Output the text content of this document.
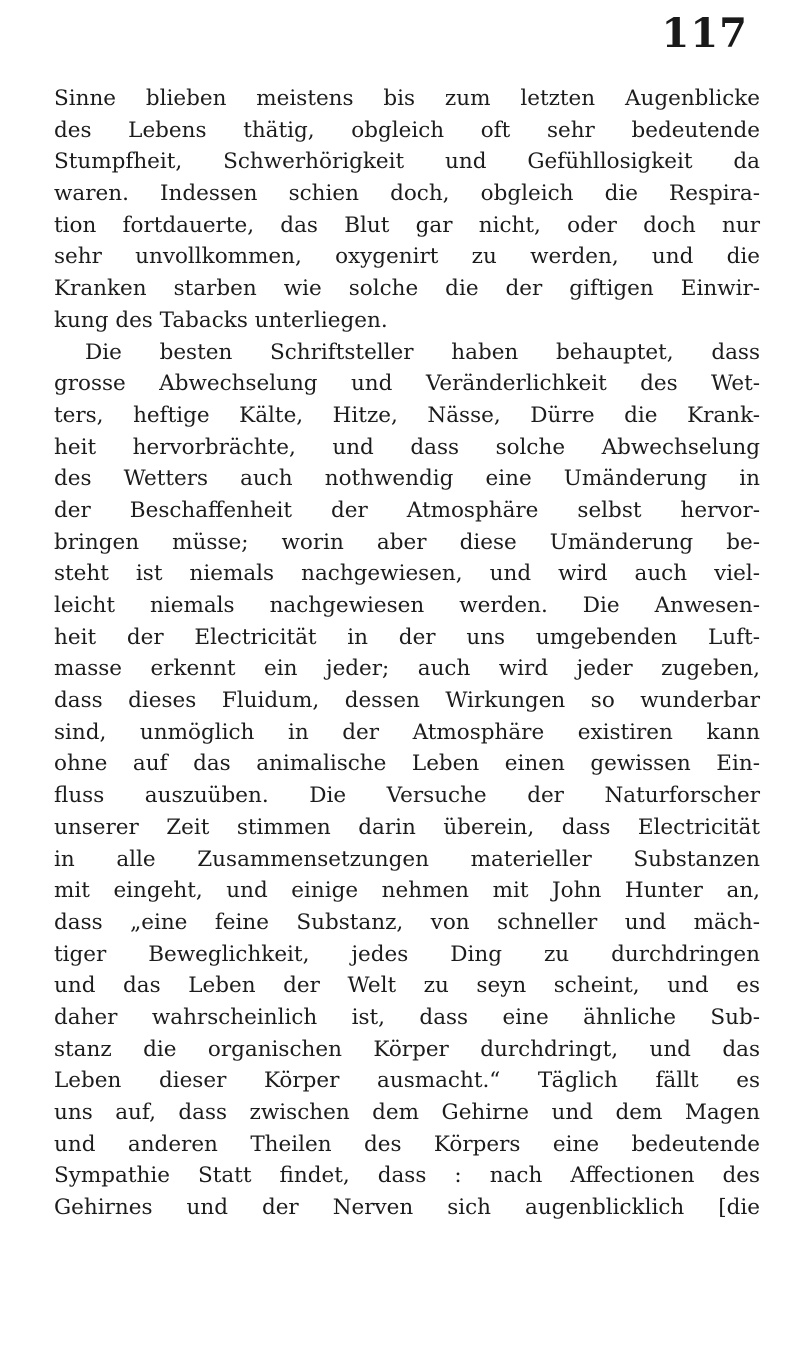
117
Sinne blieben meistens bis zum letzten Augenblicke
des Lebens thätig, obgleich oft sehr bedeutende
Stumpfheit, Schwerhörigkeit und Gefühllosigkeit da
waren. Indessen schien doch, obgleich die Respira-
tion fortdauerte, das Blut gar nicht, oder doch nur
sehr unvollkommen, oxygenirt zu werden, und die
Kranken starben wie solche die der giftigen Einwir-
kung des Tabacks unterliegen.
Die besten Schriftsteller haben behauptet, dass
grosse Abwechselung und Veränderlichkeit des Wet-
ters, heftige Kälte, Hitze, Nässe, Dürre die Krank-
heit hervorbrächte, und dass solche Abwechselung
des Wetters auch nothwendig eine Umänderung in
der Beschaffenheit der Atmosphäre selbst hervor-
bringen müsse; worin aber diese Umänderung be-
steht ist niemals nachgewiesen, und wird auch viel-
leicht niemals nachgewiesen werden. Die Anwesen-
heit der Electricität in der uns umgebenden Luft-
masse erkennt ein jeder; auch wird jeder zugeben,
dass dieses Fluidum, dessen Wirkungen so wunderbar
sind, unmöglich in der Atmosphäre existiren kann
ohne auf das animalische Leben einen gewissen Ein-
fluss auszuüben. Die Versuche der Naturforscher
unserer Zeit stimmen darin überein, dass Electricität
in alle Zusammensetzungen materieller Substanzen
mit eingeht, und einige nehmen mit John Hunter an,
dass „eine feine Substanz, von schneller und mäch-
tiger Beweglichkeit, jedes Ding zu durchdringen
und das Leben der Welt zu seyn scheint, und es
daher wahrscheinlich ist, dass eine ähnliche Sub-
stanz die organischen Körper durchdringt, und das
Leben dieser Körper ausmacht.“ Täglich fällt es
uns auf, dass zwischen dem Gehirne und dem Magen
und anderen Theilen des Körpers eine bedeutende
Sympathie Statt findet, dass : nach Affectionen des
Gehirnes und der Nerven sich augenblicklich [die
